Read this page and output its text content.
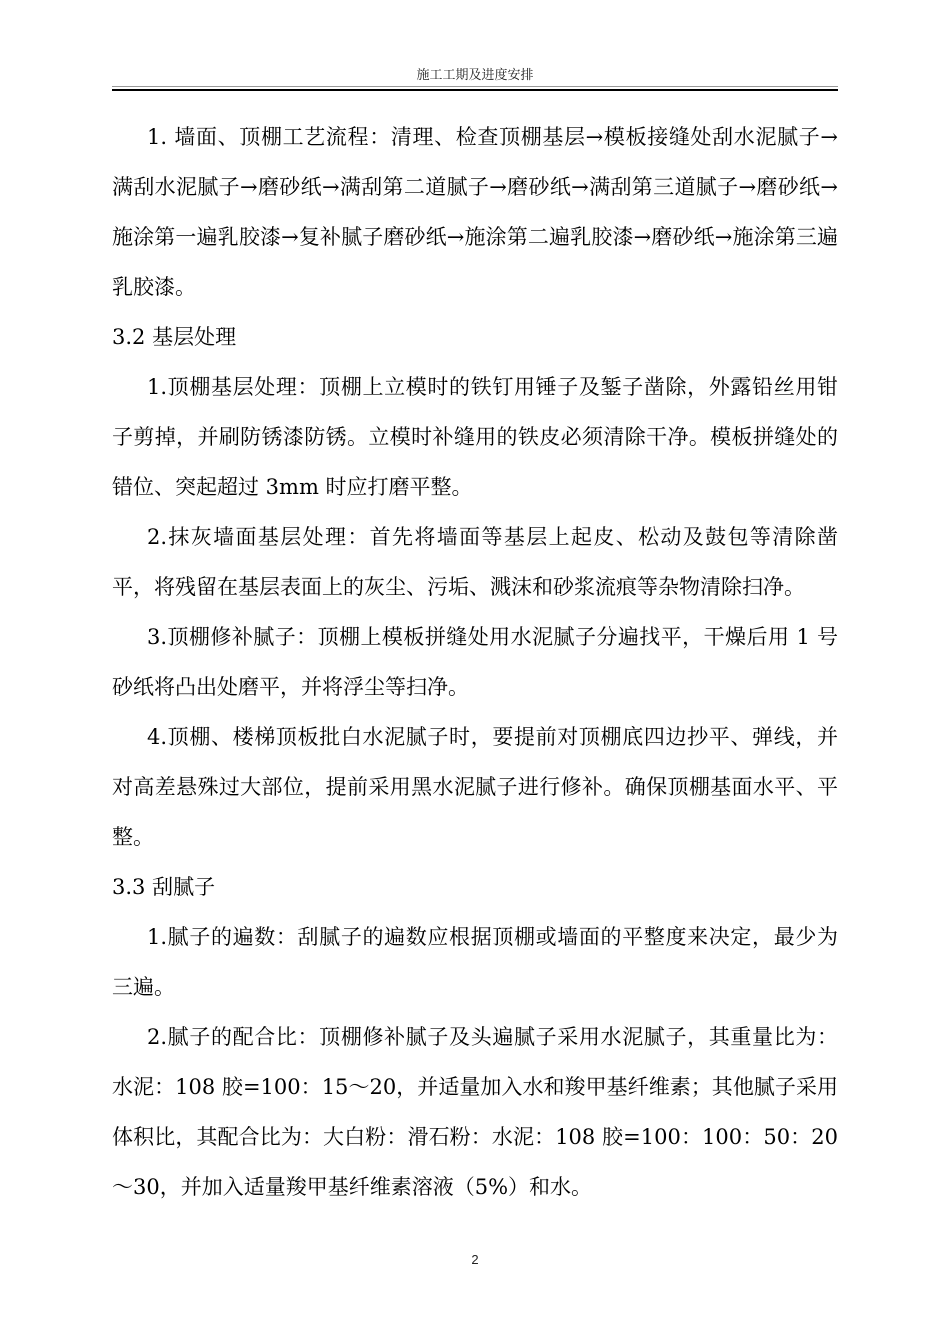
施工工期及进度安排

1. 墙面、顶棚工艺流程：清理、检查顶棚基层→模板接缝处刮水泥腻子→满刮水泥腻子→磨砂纸→满刮第二道腻子→磨砂纸→满刮第三道腻子→磨砂纸→施涂第一遍乳胶漆→复补腻子磨砂纸→施涂第二遍乳胶漆→磨砂纸→施涂第三遍乳胶漆。

3.2 基层处理

1.顶棚基层处理：顶棚上立模时的铁钉用锤子及錾子凿除，外露铅丝用钳子剪掉，并刷防锈漆防锈。立模时补缝用的铁皮必须清除干净。模板拼缝处的错位、突起超过 3mm 时应打磨平整。

2.抹灰墙面基层处理：首先将墙面等基层上起皮、松动及鼓包等清除凿平，将残留在基层表面上的灰尘、污垢、溅沫和砂浆流痕等杂物清除扫净。

3.顶棚修补腻子：顶棚上模板拼缝处用水泥腻子分遍找平，干燥后用 1 号砂纸将凸出处磨平，并将浮尘等扫净。

4.顶棚、楼梯顶板批白水泥腻子时，要提前对顶棚底四边抄平、弹线，并对高差悬殊过大部位，提前采用黑水泥腻子进行修补。确保顶棚基面水平、平整。

3.3 刮腻子

1.腻子的遍数：刮腻子的遍数应根据顶棚或墙面的平整度来决定，最少为三遍。

2.腻子的配合比：顶棚修补腻子及头遍腻子采用水泥腻子，其重量比为：水泥：108 胶=100：15～20，并适量加入水和羧甲基纤维素；其他腻子采用体积比，其配合比为：大白粉：滑石粉：水泥：108 胶=100：100：50：20～30，并加入适量羧甲基纤维素溶液（5%）和水。

2
